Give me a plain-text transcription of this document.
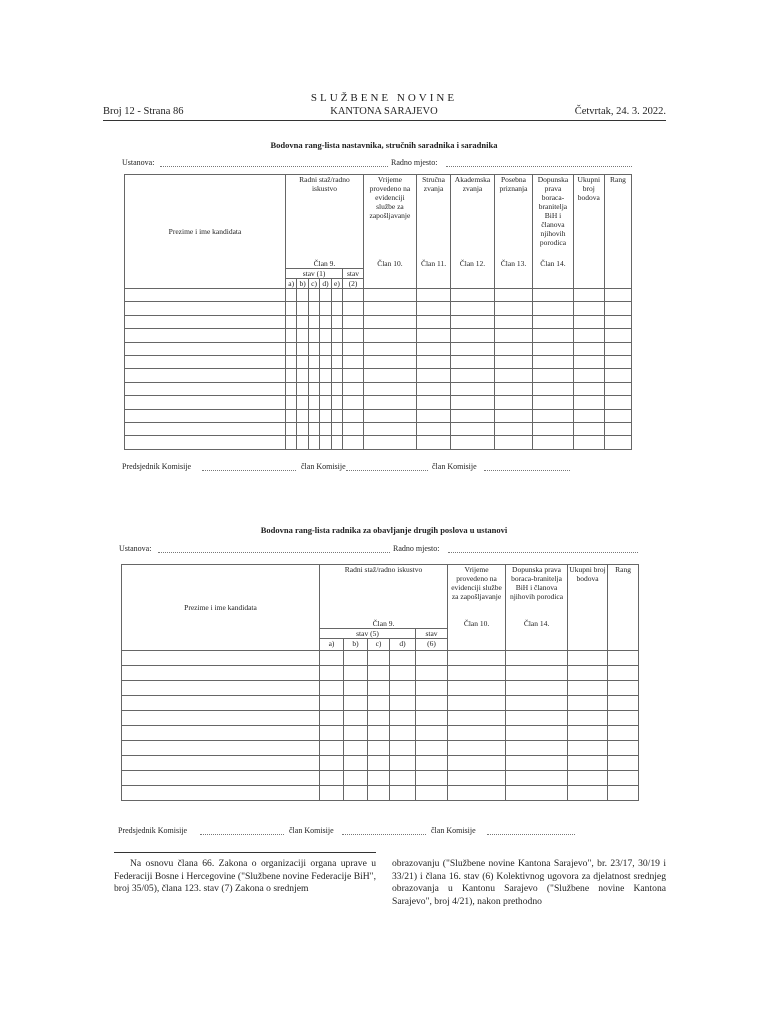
SLUŽBENE NOVINE
KANTONA SARAJEVO
Broj 12 - Strana 86	Četvrtak, 24. 3. 2022.
Bodovna rang-lista nastavnika, stručnih saradnika i saradnika
Ustanova:	Radno mjesto:
Prezime i ime kandidata	Radni staž/radno iskustvo						Vrijeme provedeno na evidenciji službe za zapošljavanje	Stručna zvanja	Akademska zvanja	Posebna priznanja	Dopunska prava boraca-branitelja BiH i članova njihovih porodica	Ukupni broj bodova	Rang
	Član 9.						Član 10.	Član 11.	Član 12.	Član 13.	Član 14.		
	stav (1)					stav							
	a)	b)	c)	d)	e)	(2)							

Predsjednik Komisije	član Komisije	član Komisije
Bodovna rang-lista radnika za obavljanje drugih poslova u ustanovi
Ustanova:	Radno mjesto:
Prezime i ime kandidata	Radni staž/radno iskustvo					Vrijeme provedeno na evidenciji službe za zapošljavanje	Dopunska prava boraca-branitelja BiH i članova njihovih porodica	Ukupni broj bodova	Rang
	Član 9.					Član 10.	Član 14.		
	stav (5)				stav				
	a)	b)	c)	d)	(6)				

Predsjednik Komisije	član Komisije	član Komisije
Na osnovu člana 66. Zakona o organizaciji organa uprave u Federaciji Bosne i Hercegovine ("Službene novine Federacije BiH", broj 35/05), člana 123. stav (7) Zakona o srednjem
obrazovanju ("Službene novine Kantona Sarajevo", br. 23/17, 30/19 i 33/21) i člana 16. stav (6) Kolektivnog ugovora za djelatnost srednjeg obrazovanja u Kantonu Sarajevo ("Službene novine Kantona Sarajevo", broj 4/21), nakon prethodno
